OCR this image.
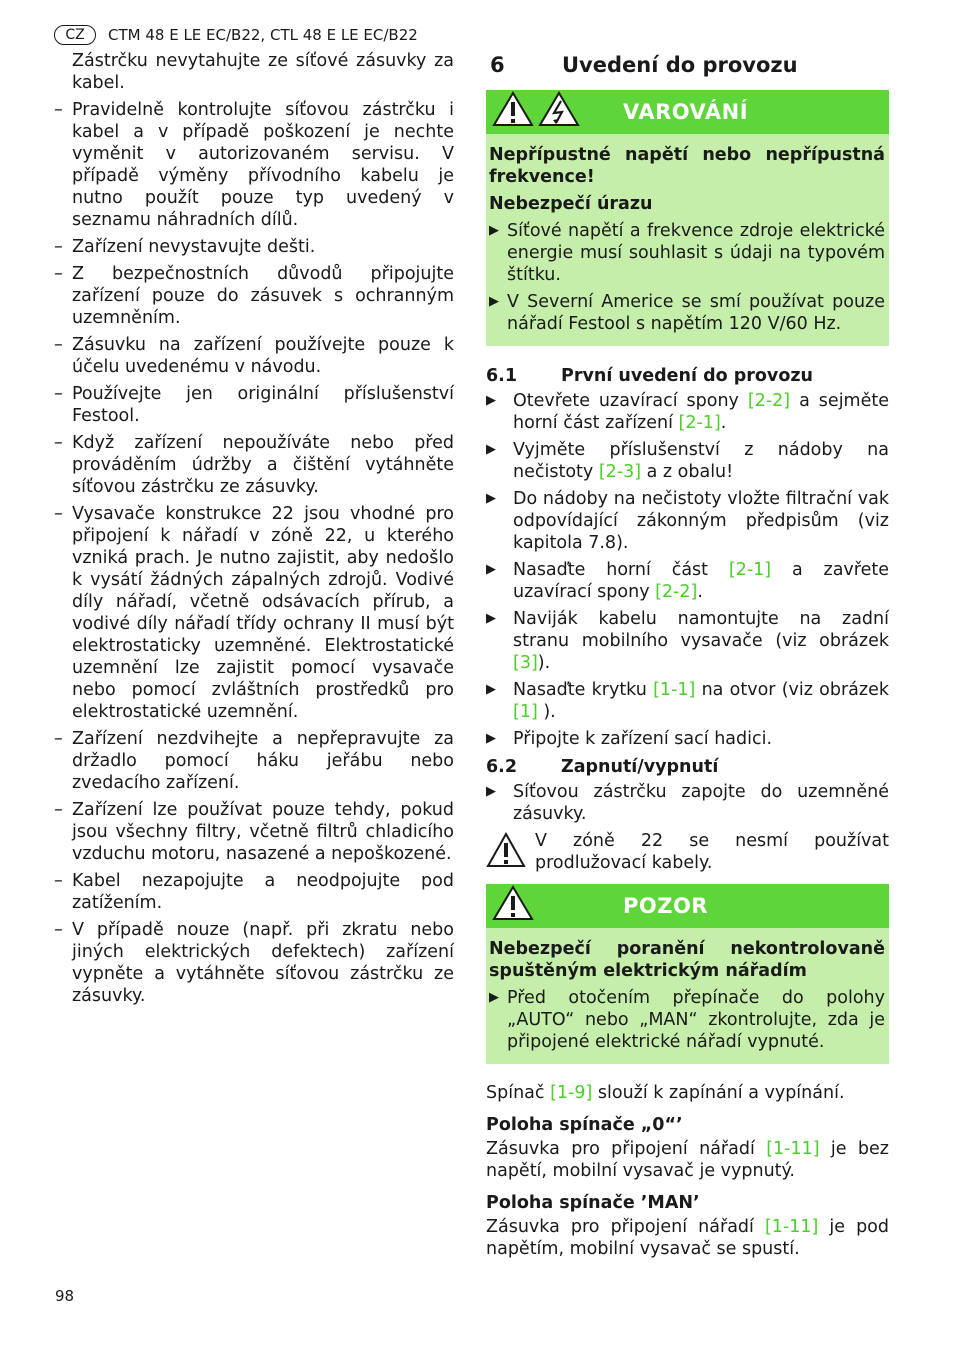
CZ	CTM 48 E LE EC/B22, CTL 48 E LE EC/B22
Zástrčku nevytahujte ze síťové zásuvky za kabel.
– Pravidelně kontrolujte síťovou zástrčku i kabel a v případě poškození je nechte vyměnit v autorizovaném servisu. V případě výměny přívodního kabelu je nutno použít pouze typ uvedený v seznamu náhradních dílů.
– Zařízení nevystavujte dešti.
– Z bezpečnostních důvodů připojujte zařízení pouze do zásuvek s ochranným uzemněním.
– Zásuvku na zařízení používejte pouze k účelu uvedenému v návodu.
– Používejte jen originální příslušenství Festool.
– Když zařízení nepoužíváte nebo před prováděním údržby a čištění vytáhněte síťovou zástrčku ze zásuvky.
– Vysavače konstrukce 22 jsou vhodné pro připojení k nářadí v zóně 22, u kterého vzniká prach. Je nutno zajistit, aby nedošlo k vysátí žádných zápalných zdrojů. Vodivé díly nářadí, včetně odsávacích přírub, a vodivé díly nářadí třídy ochrany II musí být elektrostaticky uzemněné. Elektrostatické uzemnění lze zajistit pomocí vysavače nebo pomocí zvláštních prostředků pro elektrostatické uzemnění.
– Zařízení nezdvihejte a nepřepravujte za držadlo pomocí háku jeřábu nebo zvedacího zařízení.
– Zařízení lze používat pouze tehdy, pokud jsou všechny filtry, včetně filtrů chladicího vzduchu motoru, nasazené a nepoškozené.
– Kabel nezapojujte a neodpojujte pod zatížením.
– V případě nouze (např. při zkratu nebo jiných elektrických defektech) zařízení vypněte a vytáhněte síťovou zástrčku ze zásuvky.
6	Uvedení do provozu
VAROVÁNÍ
Nepřípustné napětí nebo nepřípustná frekvence!
Nebezpečí úrazu
▶ Síťové napětí a frekvence zdroje elektrické energie musí souhlasit s údaji na typovém štítku.
▶ V Severní Americe se smí používat pouze nářadí Festool s napětím 120 V/60 Hz.
6.1	První uvedení do provozu
▶ Otevřete uzavírací spony [2-2] a sejměte horní část zařízení [2-1].
▶ Vyjměte příslušenství z nádoby na nečistoty [2-3] a z obalu!
▶ Do nádoby na nečistoty vložte filtrační vak odpovídající zákonným předpisům (viz kapitola 7.8).
▶ Nasaďte horní část [2-1] a zavřete uzavírací spony [2-2].
▶ Naviják kabelu namontujte na zadní stranu mobilního vysavače (viz obrázek [3]).
▶ Nasaďte krytku [1-1] na otvor (viz obrázek [1] ).
▶ Připojte k zařízení sací hadici.
6.2	Zapnutí/vypnutí
▶ Síťovou zástrčku zapojte do uzemněné zásuvky.
V zóně 22 se nesmí používat prodlužovací kabely.
POZOR
Nebezpečí poranění nekontrolovaně spuštěným elektrickým nářadím
▶ Před otočením přepínače do polohy „AUTO“ nebo „MAN“ zkontrolujte, zda je připojené elektrické nářadí vypnuté.

Spínač [1-9] slouží k zapínání a vypínání.

Poloha spínače „0“’

Zásuvka pro připojení nářadí [1-11] je bez napětí, mobilní vysavač je vypnutý.

Poloha spínače ’MAN’

Zásuvka pro připojení nářadí [1-11] je pod napětím, mobilní vysavač se spustí.

98
